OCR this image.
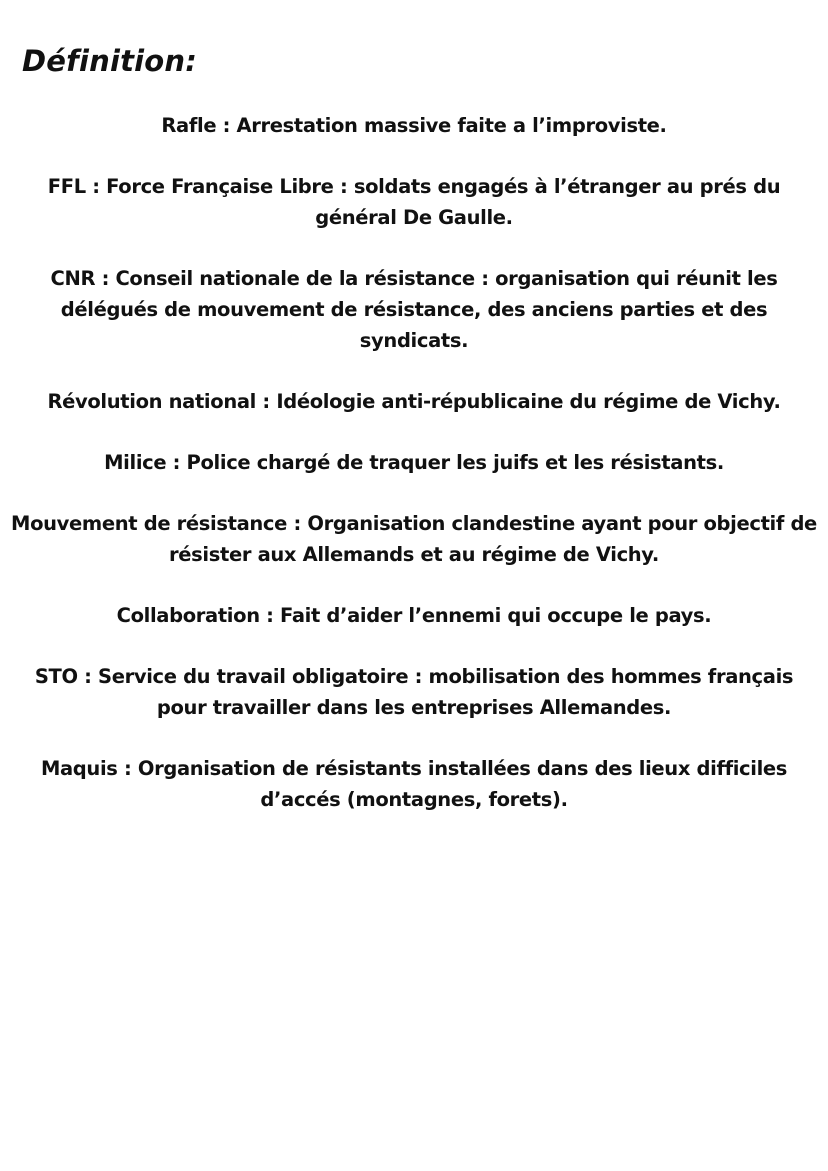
Définition:
Rafle : Arrestation massive faite a l’improviste.
FFL : Force Française Libre : soldats engagés à l’étranger au prés du général De Gaulle.
CNR : Conseil nationale de la résistance : organisation qui réunit les délégués de mouvement de résistance, des anciens parties et des syndicats.
Révolution national : Idéologie anti-républicaine du régime de Vichy.
Milice : Police chargé de traquer les juifs et les résistants.
Mouvement de résistance : Organisation clandestine ayant pour objectif de résister aux Allemands et au régime de Vichy.
Collaboration : Fait d’aider l’ennemi qui occupe le pays.
STO : Service du travail obligatoire : mobilisation des hommes français pour travailler dans les entreprises Allemandes.
Maquis : Organisation de résistants installées dans des lieux difficiles d’accés (montagnes, forets).
